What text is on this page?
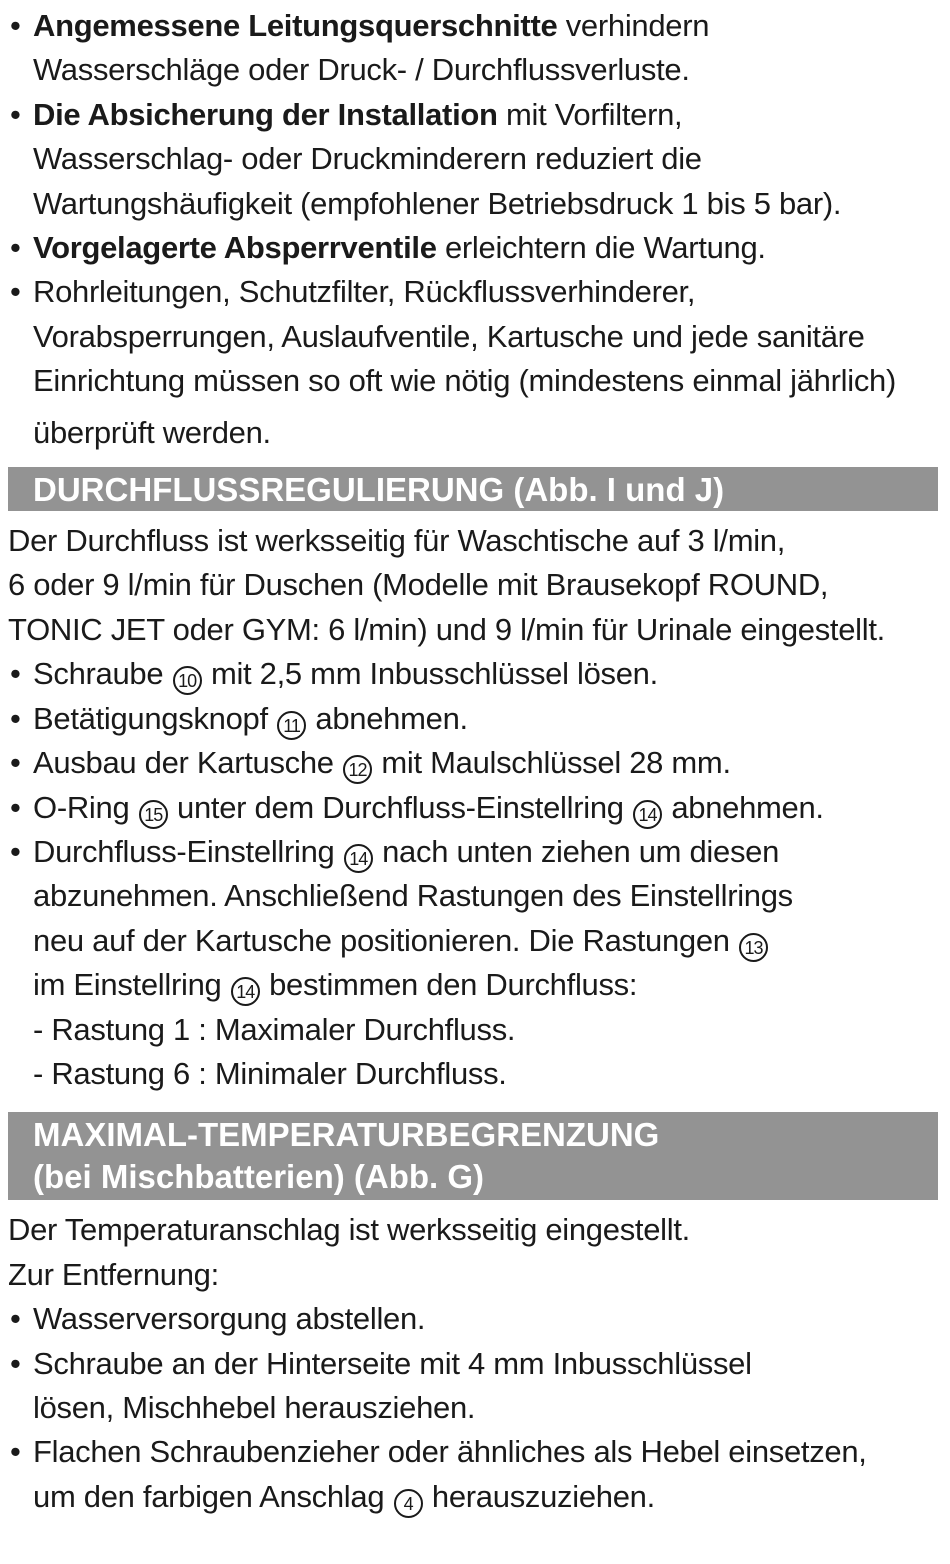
• Angemessene Leitungsquerschnitte verhindern
Wasserschläge oder Druck- / Durchflussverluste.
• Die Absicherung der Installation mit Vorfiltern,
Wasserschlag- oder Druckminderern reduziert die
Wartungshäufigkeit (empfohlener Betriebsdruck 1 bis 5 bar).
• Vorgelagerte Absperrventile erleichtern die Wartung.
• Rohrleitungen, Schutzfilter, Rückflussverhinderer,
Vorabsperrungen, Auslaufventile, Kartusche und jede sanitäre
Einrichtung müssen so oft wie nötig (mindestens einmal jährlich)
überprüft werden.
DURCHFLUSSREGULIERUNG (Abb. I und J)

Der Durchfluss ist werksseitig für Waschtische auf 3 l/min,
6 oder 9 l/min für Duschen (Modelle mit Brausekopf ROUND,
TONIC JET oder GYM: 6 l/min) und 9 l/min für Urinale eingestellt.

• Schraube 10 mit 2,5 mm Inbusschlüssel lösen.
• Betätigungsknopf 11 abnehmen.
• Ausbau der Kartusche 12 mit Maulschlüssel 28 mm.
• O-Ring 15 unter dem Durchfluss-Einstellring 14 abnehmen.
• Durchfluss-Einstellring 14 nach unten ziehen um diesen
abzunehmen. Anschließend Rastungen des Einstellrings
neu auf der Kartusche positionieren. Die Rastungen 13
im Einstellring 14 bestimmen den Durchfluss:
- Rastung 1 : Maximaler Durchfluss.
- Rastung 6 : Minimaler Durchfluss.
MAXIMAL-TEMPERATURBEGRENZUNG
(bei Mischbatterien) (Abb. G)

Der Temperaturanschlag ist werksseitig eingestellt.
Zur Entfernung:

• Wasserversorgung abstellen.
• Schraube an der Hinterseite mit 4 mm Inbusschlüssel
lösen, Mischhebel herausziehen.
• Flachen Schraubenzieher oder ähnliches als Hebel einsetzen,
um den farbigen Anschlag 4 herauszuziehen.
